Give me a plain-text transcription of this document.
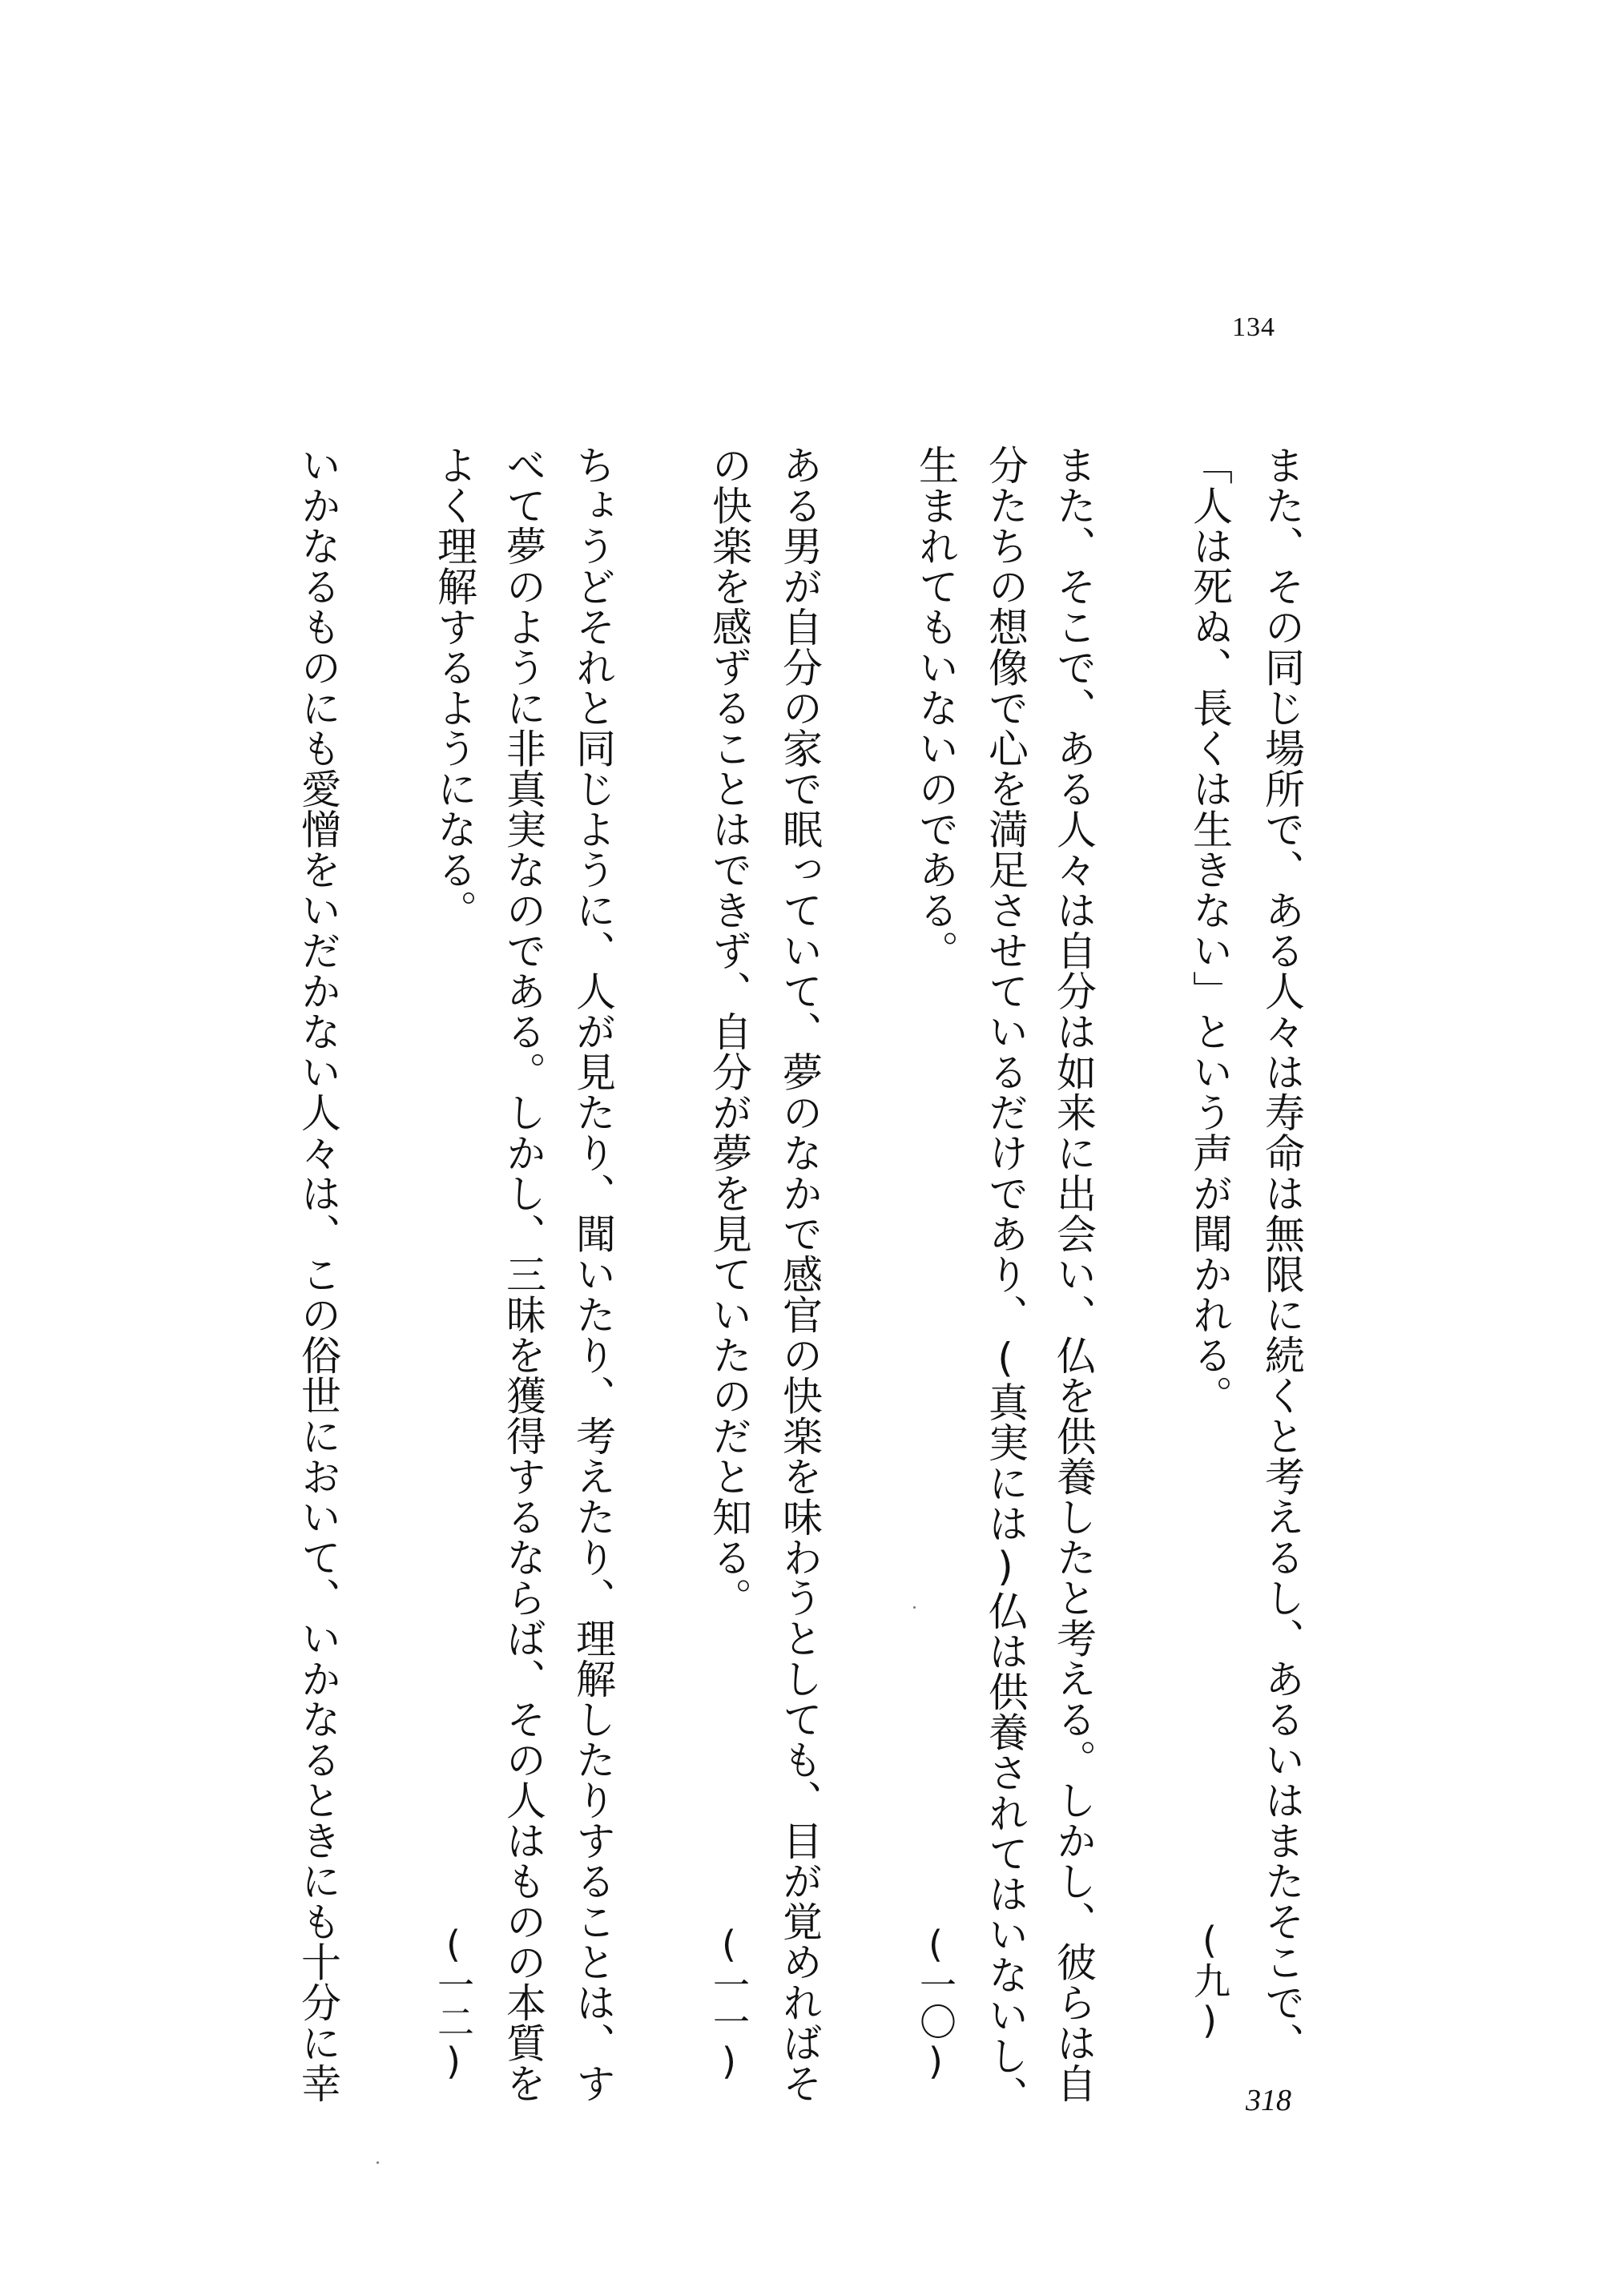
134
また、その同じ場所で、ある人々は寿命は無限に続くと考えるし、あるいはまたそこで、
「人は死ぬ、長くは生きない」という声が聞かれる。
また、そこで、ある人々は自分は如来に出会い、仏を供養したと考える。しかし、彼らは自
分たちの想像で心を満足させているだけであり、(真実には)仏は供養されてはいないし、
生まれてもいないのである。
ある男が自分の家で眠っていて、夢のなかで感官の快楽を味わうとしても、目が覚めればそ
の快楽を感ずることはできず、自分が夢を見ていたのだと知る。
ちょうどそれと同じように、人が見たり、聞いたり、考えたり、理解したりすることは、す
べて夢のように非真実なのである。しかし、三昧を獲得するならば、その人はものの本質を
よく理解するようになる。
いかなるものにも愛憎をいだかない人々は、この俗世において、いかなるときにも十分に幸	(九)
(一〇)
(一一)
(一二)
318
